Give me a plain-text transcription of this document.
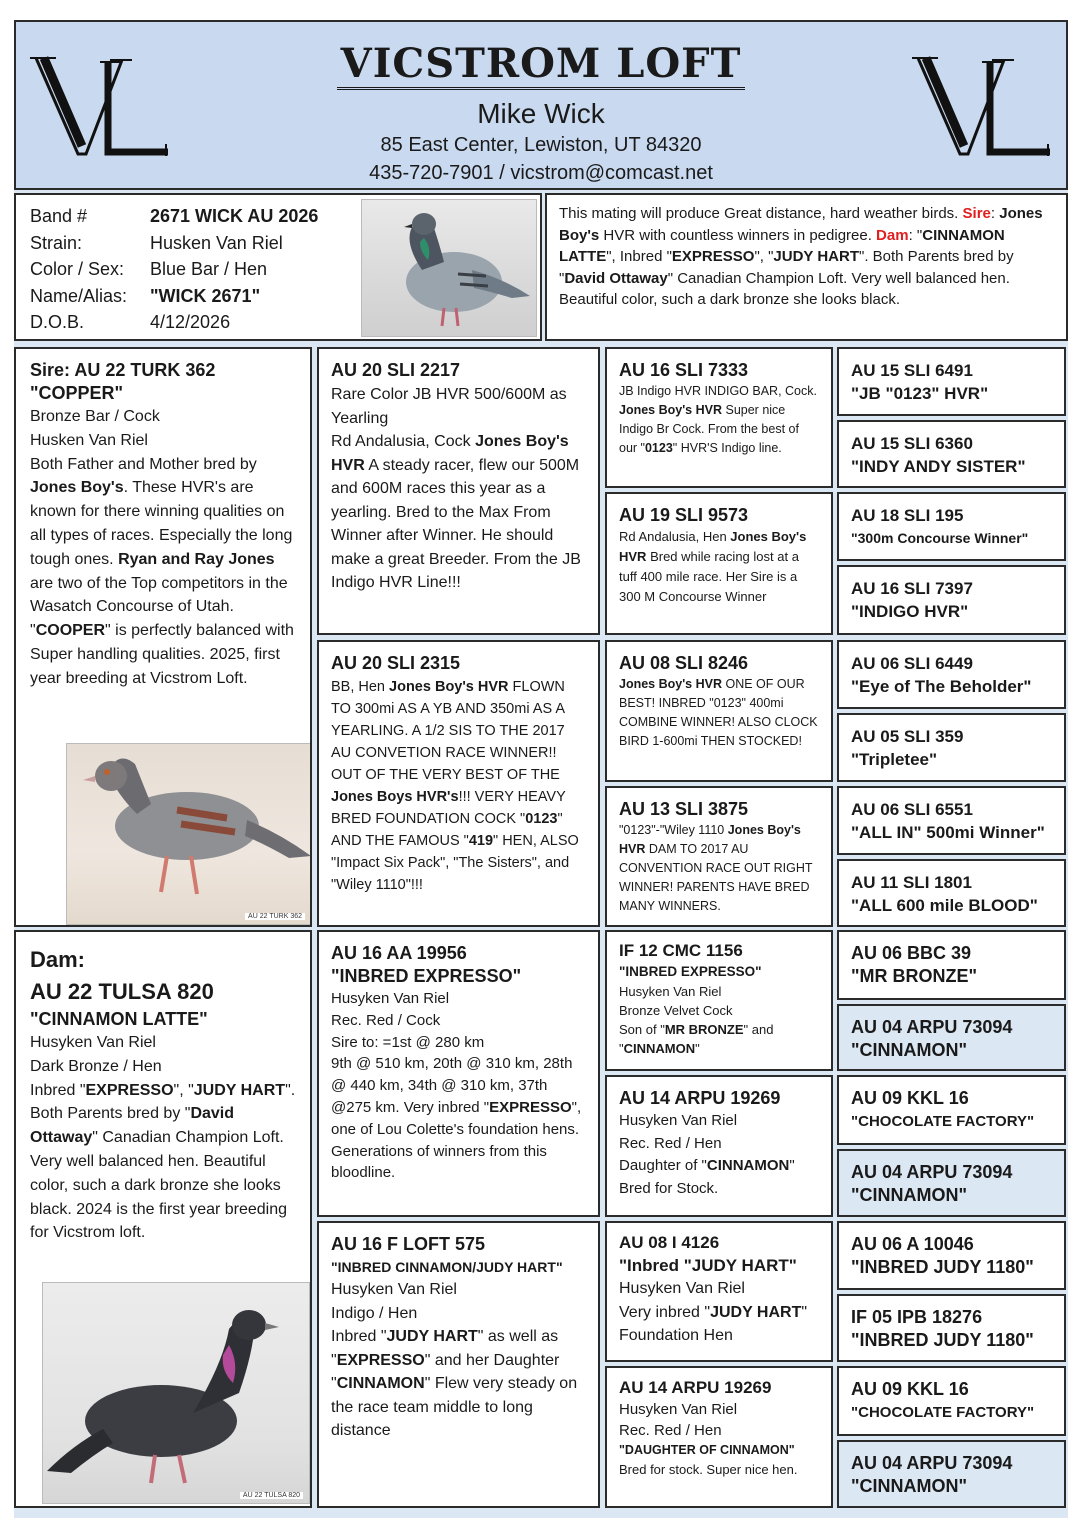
VICSTROM LOFT
Mike Wick
85 East Center, Lewiston, UT 84320
435-720-7901 / vicstrom@comcast.net
Band #	2671 WICK AU 2026
Strain:	Husken Van Riel
Color / Sex: Blue Bar / Hen
Name/Alias: "WICK 2671"
D.O.B.	4/12/2026
This mating will produce Great distance, hard weather birds. Sire: Jones Boy's HVR with countless winners in pedigree. Dam: "CINNAMON LATTE", Inbred "EXPRESSO", "JUDY HART". Both Parents bred by "David Ottaway" Canadian Champion Loft. Very well balanced hen. Beautiful color, such a dark bronze she looks black.
Sire: AU 22 TURK 362
"COPPER"
Bronze Bar / Cock
Husken Van Riel
Both Father and Mother bred by Jones Boy's. These HVR's are known for there winning qualities on all types of races. Especially the long tough ones. Ryan and Ray Jones are two of the Top competitors in the Wasatch Concourse of Utah. "COOPER" is perfectly balanced with Super handling qualities. 2025, first year breeding at Vicstrom Loft.
AU 22 TURK 362
Dam:
AU 22 TULSA 820
"CINNAMON LATTE"
Husyken Van Riel
Dark Bronze / Hen
Inbred "EXPRESSO", "JUDY HART". Both Parents bred by "David Ottaway" Canadian Champion Loft. Very well balanced hen. Beautiful color, such a dark bronze she looks black. 2024 is the first year breeding for Vicstrom loft.
AU 22 TULSA 820
AU 20 SLI 2217
Rare Color JB HVR 500/600M as Yearling
Rd Andalusia, Cock Jones Boy's HVR A steady racer, flew our 500M and 600M races this year as a yearling. Bred to the Max From Winner after Winner. He should make a great Breeder. From the JB Indigo HVR Line!!!
AU 20 SLI 2315
BB, Hen Jones Boy's HVR FLOWN TO 300mi AS A YB AND 350mi AS A YEARLING. A 1/2 SIS TO THE 2017 AU CONVETION RACE WINNER!! OUT OF THE VERY BEST OF THE Jones Boys HVR's!!! VERY HEAVY BRED FOUNDATION COCK "0123" AND THE FAMOUS "419" HEN, ALSO "Impact Six Pack", "The Sisters", and "Wiley 1110"!!!
AU 16 AA 19956
"INBRED EXPRESSO"
Husyken Van Riel
Rec. Red / Cock
Sire to: =1st @ 280 km
9th @ 510 km, 20th @ 310 km, 28th @ 440 km, 34th @ 310 km, 37th @275 km. Very inbred "EXPRESSO", one of Lou Colette's foundation hens. Generations of winners from this bloodline.
AU 16 F LOFT 575
"INBRED CINNAMON/JUDY HART"
Husyken Van Riel
Indigo / Hen
Inbred "JUDY HART" as well as "EXPRESSO" and her Daughter "CINNAMON" Flew very steady on the race team middle to long distance
AU 16 SLI 7333
JB Indigo HVR INDIGO BAR, Cock. Jones Boy's HVR Super nice Indigo Br Cock. From the best of our "0123" HVR'S Indigo line.
AU 19 SLI 9573
Rd Andalusia, Hen Jones Boy's HVR Bred while racing lost at a tuff 400 mile race. Her Sire is a 300 M Concourse Winner
AU 08 SLI 8246
Jones Boy's HVR ONE OF OUR BEST! INBRED "0123" 400mi COMBINE WINNER! ALSO CLOCK BIRD 1-600mi THEN STOCKED!
AU 13 SLI 3875
"0123"-"Wiley 1110 Jones Boy's HVR DAM TO 2017 AU CONVENTION RACE OUT RIGHT WINNER! PARENTS HAVE BRED MANY WINNERS.
IF 12 CMC 1156
"INBRED EXPRESSO"
Husyken Van Riel
Bronze Velvet Cock
Son of "MR BRONZE" and "CINNAMON"
AU 14 ARPU 19269
Husyken Van Riel
Rec. Red / Hen
Daughter of "CINNAMON" Bred for Stock.
AU 08 I 4126
"Inbred "JUDY HART"
Husyken Van Riel
Very inbred "JUDY HART" Foundation Hen
AU 14 ARPU 19269
Husyken Van Riel
Rec. Red / Hen
"DAUGHTER OF CINNAMON"
Bred for stock. Super nice hen.
AU 15 SLI 6491
"JB "0123" HVR"
AU 15 SLI 6360
"INDY ANDY SISTER"
AU 18 SLI 195
"300m Concourse Winner"
AU 16 SLI 7397
"INDIGO HVR"
AU 06 SLI 6449
"Eye of The Beholder"
AU 05 SLI 359
"Tripletee"
AU 06 SLI 6551
"ALL IN" 500mi Winner"
AU 11 SLI 1801
"ALL 600 mile BLOOD"
AU 06 BBC 39
"MR BRONZE"
AU 04 ARPU 73094
"CINNAMON"
AU 09 KKL 16
"CHOCOLATE FACTORY"
AU 04 ARPU 73094
"CINNAMON"
AU 06 A 10046
"INBRED JUDY 1180"
IF 05 IPB 18276
"INBRED JUDY 1180"
AU 09 KKL 16
"CHOCOLATE FACTORY"
AU 04 ARPU 73094
"CINNAMON"
